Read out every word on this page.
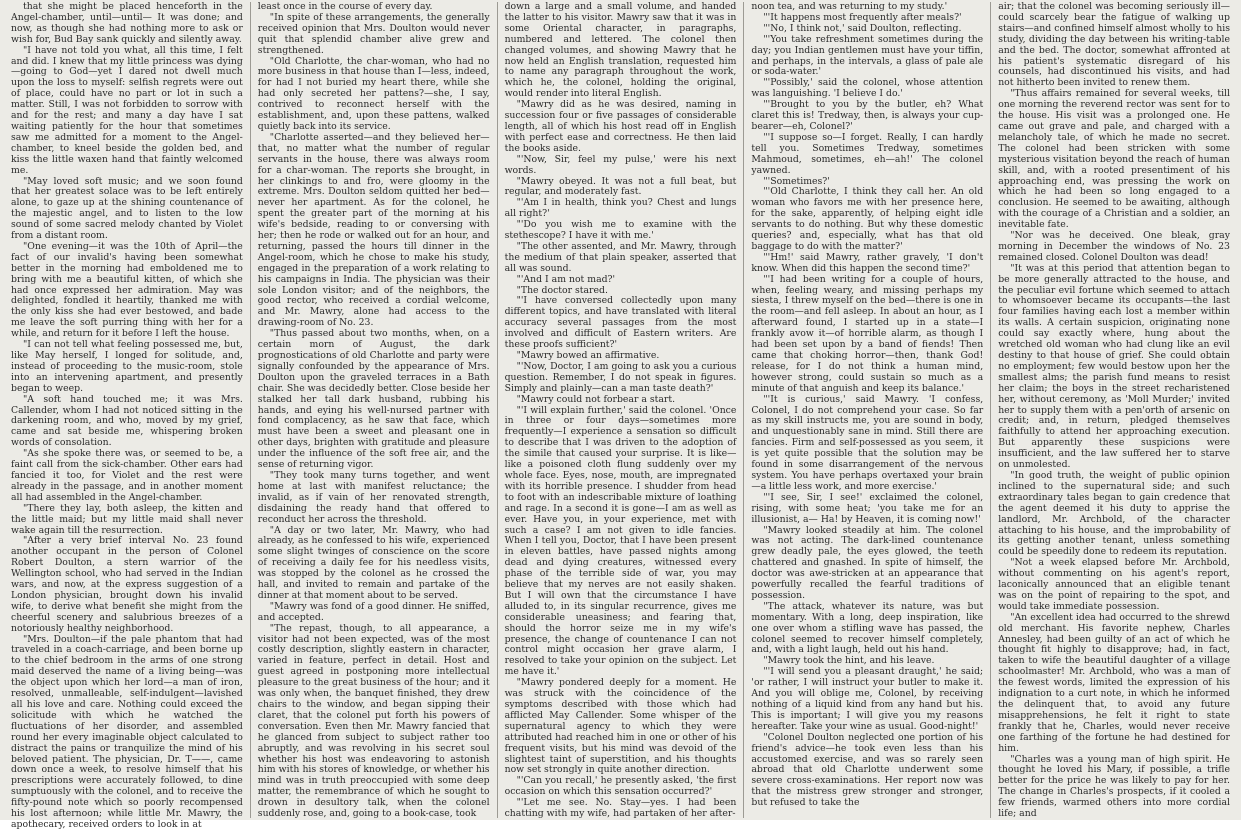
that she might be placed henceforth in the Angel-chamber, until—until— It was done; and now, as though she had nothing more to ask or wish for, Bud Bay sank quickly and silently away.

"I have not told you what, all this time, I felt and did. I knew that my little princess was dying—going to God—yet I dared not dwell much upon the loss to myself: selfish regrets were out of place, could have no part or lot in such a matter. Still, I was not forbidden to sorrow with and for the rest; and many a day have I sat waiting patiently for the hour that sometimes saw me admitted for a moment to the Angel-chamber, to kneel beside the golden bed, and kiss the little waxen hand that faintly welcomed me.

"May loved soft music; and we soon found that her greatest solace was to be left entirely alone, to gaze up at the shining countenance of the majestic angel, and to listen to the low sound of some sacred melody chanted by Violet from a distant room.

"One evening—it was the 10th of April—the fact of our invalid's having been somewhat better in the morning had emboldened me to bring with me a beautiful kitten, of which she had once expressed her admiration. May was delighted, fondled it heartily, thanked me with the only kiss she had ever bestowed, and bade me leave the soft purring thing with her for a while, and return for it before I left the house.

"I can not tell what feeling possessed me, but, like May herself, I longed for solitude, and, instead of proceeding to the music-room, stole into an intervening apartment, and presently began to weep.

"A soft hand touched me; it was Mrs. Callender, whom I had not noticed sitting in the darkening room, and who, moved by my grief, came and sat beside me, whispering broken words of consolation.

"As she spoke there was, or seemed to be, a faint call from the sick-chamber. Other ears had fancied it too, for Violet and the rest were already in the passage, and in another moment all had assembled in the Angel-chamber.

"There they lay, both asleep, the kitten and the little maid; but my little maid shall never wake again till the resurrection.

"After a very brief interval No. 23 found another occupant in the person of Colonel Robert Doulton, a stern warrior of the Wellington school, who had served in the Indian wars, and now, at the express suggestion of a London physician, brought down his invalid wife, to derive what benefit she might from the cheerful scenery and salubrious breezes of a notoriously healthy neighborhood.

"Mrs. Doulton—if the pale phantom that had traveled in a coach-carriage, and been borne up to the chief bedroom in the arms of one strong maid deserved the name of a living being—was the object upon which her lord—a man of iron, resolved, unmalleable, self-indulgent—lavished all his love and care. Nothing could exceed the solicitude with which he watched the fluctuations of her disorder, and assembled round her every imaginable object calculated to distract the pains or tranquilize the mind of his beloved patient. The physician, Dr. T——, came down once a week, to resolve himself that his prescriptions were accurately followed, to dine sumptuously with the colonel, and to receive the fifty-pound note which so poorly recompensed his lost afternoon; while little Mr. Mawry, the apothecary, received orders to look in at

least once in the course of every day.

"In spite of these arrangements, the generally received opinion that Mrs. Doulton would never quit that splendid chamber alive grew and strengthened.

"Old Charlotte, the char-woman, who had no more business in that house than I—less, indeed, for had I not buried my heart there, while she had only secreted her pattens?—she, I say, contrived to reconnect herself with the establishment, and, upon these pattens, walked quietly back into its service.

"Charlotte asserted—and they believed her—that, no matter what the number of regular servants in the house, there was always room for a char-woman. The reports she brought, in her clinkings to and fro, were gloomy in the extreme. Mrs. Doulton seldom quitted her bed—never her apartment. As for the colonel, he spent the greater part of the morning at his wife's bedside, reading to or conversing with her; then he rode or walked out for an hour, and returning, passed the hours till dinner in the Angel-room, which he chose to make his study, engaged in the preparation of a work relating to his campaigns in India. The physician was their sole London visitor; and of the neighbors, the good rector, who received a cordial welcome, and Mr. Mawry, alone had access to the drawing-room of No. 23.

"Thus passed about two months, when, on a certain morn of August, the dark prognostications of old Charlotte and party were signally confounded by the appearance of Mrs. Doulton upon the graveled terraces in a Bath chair. She was decidedly better. Close beside her stalked her tall dark husband, rubbing his hands, and eying his well-nursed partner with fond complacency, as he saw that face, which must have been a sweet and pleasant one in other days, brighten with gratitude and pleasure under the influence of the soft free air, and the sense of returning vigor.

"They took many turns together, and went home at last with manifest reluctance; the invalid, as if vain of her renovated strength, disdaining the ready hand that offered to reconduct her across the threshold.

"A day or two later, Mr. Mawry, who had already, as he confessed to his wife, experienced some slight twinges of conscience on the score of receiving a daily fee for his needless visits, was stopped by the colonel as he crossed the hall, and invited to remain and partake of the dinner at that moment about to be served.

"Mawry was fond of a good dinner. He sniffed, and accepted.

"The repast, though, to all appearance, a visitor had not been expected, was of the most costly description, slightly eastern in character, varied in feature, perfect in detail. Host and guest agreed in postponing more intellectual pleasure to the great business of the hour; and it was only when, the banquet finished, they drew chairs to the window, and began sipping their claret, that the colonel put forth his powers of conversation. Even then Mr. Mawry fancied that he glanced from subject to subject rather too abruptly, and was revolving in his secret soul whether his host was endeavoring to astonish him with his stores of knowledge, or whether his mind was in truth preoccupied with some deep matter, the remembrance of which he sought to drown in desultory talk, when the colonel suddenly rose, and, going to a book-case, took

down a large and a small volume, and handed the latter to his visitor. Mawry saw that it was in some Oriental character, in paragraphs, numbered and lettered. The colonel then changed volumes, and showing Mawry that he now held an English translation, requested him to name any paragraph throughout the work, which he, the colonel, holding the original, would render into literal English.

"Mawry did as he was desired, naming in succession four or five passages of considerable length, all of which his host read off in English with perfect ease and correctness. He then laid the books aside.

"'Now, Sir, feel my pulse,' were his next words.

"Mawry obeyed. It was not a full beat, but regular, and moderately fast.

"'Am I in health, think you? Chest and lungs all right?'

"'Do you wish me to examine with the stethescope? I have it with me.'

"The other assented, and Mr. Mawry, through the medium of that plain speaker, asserted that all was sound.

"'And I am not mad?'

"The doctor stared.

"'I have conversed collectedly upon many different topics, and have translated with literal accuracy several passages from the most involved and difficult of Eastern writers. Are these proofs sufficient?'

"Mawry bowed an affirmative.

"'Now, Doctor, I am going to ask you a curious question. Remember, I do not speak in figures. Simply and plainly—can a man taste death?'

"Mawry could not forbear a start.

"'I will explain further,' said the colonel. 'Once in three or four days—sometimes more frequently—I experience a sensation so difficult to describe that I was driven to the adoption of the simile that caused your surprise. It is like—like a poisoned cloth flung suddenly over my whole face. Eyes, nose, mouth, are impregnated with its horrible presence. I shudder from head to foot with an indescribable mixture of loathing and rage. In a second it is gone—I am as well as ever. Have you, in your experience, met with such a case? I am not given to idle fancies. When I tell you, Doctor, that I have been present in eleven battles, have passed nights among dead and dying creatures, witnessed every phase of the terrible side of war, you may believe that my nerves are not easily shaken. But I will own that the circumstance I have alluded to, in its singular recurrence, gives me considerable uneasiness; and fearing that, should the horror seize me in my wife's presence, the change of countenance I can not control might occasion her grave alarm, I resolved to take your opinion on the subject. Let me have it.'

"Mawry pondered deeply for a moment. He was struck with the coincidence of the symptoms described with those which had afflicted May Callender. Some whisper of the supernatural agency to which they were attributed had reached him in one or other of his frequent visits, but his mind was devoid of the slightest taint of superstition, and his thoughts now set strongly in quite another direction.

"'Can you recall,' he presently asked, 'the first occasion on which this sensation occurred?'

"'Let me see. No. Stay—yes. I had been chatting with my wife, had partaken of her after-

noon tea, and was returning to my study.'

"'It happens most frequently after meals?'

"'No, I think not,' said Doulton, reflecting.

"'You take refreshment sometimes during the day; you Indian gentlemen must have your tiffin, and perhaps, in the intervals, a glass of pale ale or soda-water.'

"'Possibly,' said the colonel, whose attention was languishing. 'I believe I do.'

"'Brought to you by the butler, eh? What claret this is! Tredway, then, is always your cup-bearer—eh, Colonel?'

"'I suppose so—I forget. Really, I can hardly tell you. Sometimes Tredway, sometimes Mahmoud, sometimes, eh—ah!' The colonel yawned.

"'Sometimes?'

"'Old Charlotte, I think they call her. An old woman who favors me with her presence here, for the sake, apparently, of helping eight idle servants to do nothing. But why these domestic queries? and, especially, what has that old baggage to do with the matter?'

"'Hm!' said Mawry, rather gravely, 'I don't know. When did this happen the second time?'

"'I had been writing for a couple of hours, when, feeling weary, and missing perhaps my siesta, I threw myself on the bed—there is one in the room—and fell asleep. In about an hour, as I afterward found, I started up in a state—I frankly avow it—of horrible alarm, as though I had been set upon by a band of fiends! Then came that choking horror—then, thank God! release, for I do not think a human mind, however strong, could sustain so much as a minute of that anguish and keep its balance.'

"'It is curious,' said Mawry. 'I confess, Colonel, I do not comprehend your case. So far as my skill instructs me, you are sound in body, and unquestionably sane in mind. Still there are fancies. Firm and self-possessed as you seem, it is yet quite possible that the solution may be found in some disarrangement of the nervous system. You have perhaps overtaxed your brain—a little less work, and more exercise.'

"'I see, Sir, I see!' exclaimed the colonel, rising, with some heat; 'you take me for an illusionist, a— Ha! by Heaven, it is coming now!'

"Mawry looked steadily at him. The colonel was not acting. The dark-lined countenance grew deadly pale, the eyes glowed, the teeth chattered and gnashed. In spite of himself, the doctor was awe-stricken at an appearance that powerfully recalled the fearful traditions of possession.

"The attack, whatever its nature, was but momentary. With a long, deep inspiration, like one over whom a stifling wave has passed, the colonel seemed to recover himself completely, and, with a light laugh, held out his hand.

"Mawry took the hint, and his leave.

"'I will send you a pleasant draught,' he said; 'or rather, I will instruct your butler to make it. And you will oblige me, Colonel, by receiving nothing of a liquid kind from any hand but his. This is important; I will give you my reasons hereafter. Take your wine as usual. Good-night!'

"Colonel Doulton neglected one portion of his friend's advice—he took even less than his accustomed exercise, and was so rarely seen abroad that old Charlotte underwent some severe cross-examinations. Her report now was that the mistress grew stronger and stronger, but refused to take the

air; that the colonel was becoming seriously ill—could scarcely bear the fatigue of walking up stairs—and confined himself almost wholly to his study, dividing the day between his writing-table and the bed. The doctor, somewhat affronted at his patient's systematic disregard of his counsels, had discontinued his visits, and had not hitherto been invited to renew them.

"Thus affairs remained for several weeks, till one morning the reverend rector was sent for to the house. His visit was a prolonged one. He came out grave and pale, and charged with a melancholy tale, of which he made no secret. The colonel had been stricken with some mysterious visitation beyond the reach of human skill, and, with a rooted presentiment of his approaching end, was pressing the work on which he had been so long engaged to a conclusion. He seemed to be awaiting, although with the courage of a Christian and a soldier, an inevitable fate.

"Nor was he deceived. One bleak, gray morning in December the windows of No. 23 remained closed. Colonel Doulton was dead!

"It was at this period that attention began to be more generally attracted to the house, and the peculiar evil fortune which seemed to attach to whomsoever became its occupants—the last four families having each lost a member within its walls. A certain suspicion, originating none could say exactly where, hung about the wretched old woman who had clung like an evil destiny to that house of grief. She could obtain no employment; few would bestow upon her the smallest alms; the parish fund means to resist her claim; the boys in the street recharistened her, without ceremony, as 'Moll Murder;' invited her to supply them with a pen'orth of arsenic on credit; and, in return, pledged themselves faithfully to attend her approaching execution. But apparently these suspicions were insufficient, and the law suffered her to starve on unmolested.

"In good truth, the weight of public opinion inclined to the supernatural side; and such extraordinary tales began to gain credence that the agent deemed it his duty to apprise the landlord, Mr. Archbold, of the character attaching to his house, and the improbability of its getting another tenant, unless something could be speedily done to redeem its reputation.

"Not a week elapsed before Mr. Archbold, without commenting on his agent's report, laconically announced that an eligible tenant was on the point of repairing to the spot, and would take immediate possession.

"An excellent idea had occurred to the shrewd old merchant. His favorite nephew, Charles Annesley, had been guilty of an act of which he thought fit highly to disapprove; had, in fact, taken to wife the beautiful daughter of a village schoolmaster! Mr. Archbold, who was a man of the fewest words, limited the expression of his indignation to a curt note, in which he informed the delinquent that, to avoid any future misapprehensions, he felt it right to state frankly that he, Charles, would never receive one farthing of the fortune he had destined for him.

"Charles was a young man of high spirit. He thought he loved his Mary, if possible, a trifle better for the price he was likely to pay for her. The change in Charles's prospects, if it cooled a few friends, warmed others into more cordial life; and
